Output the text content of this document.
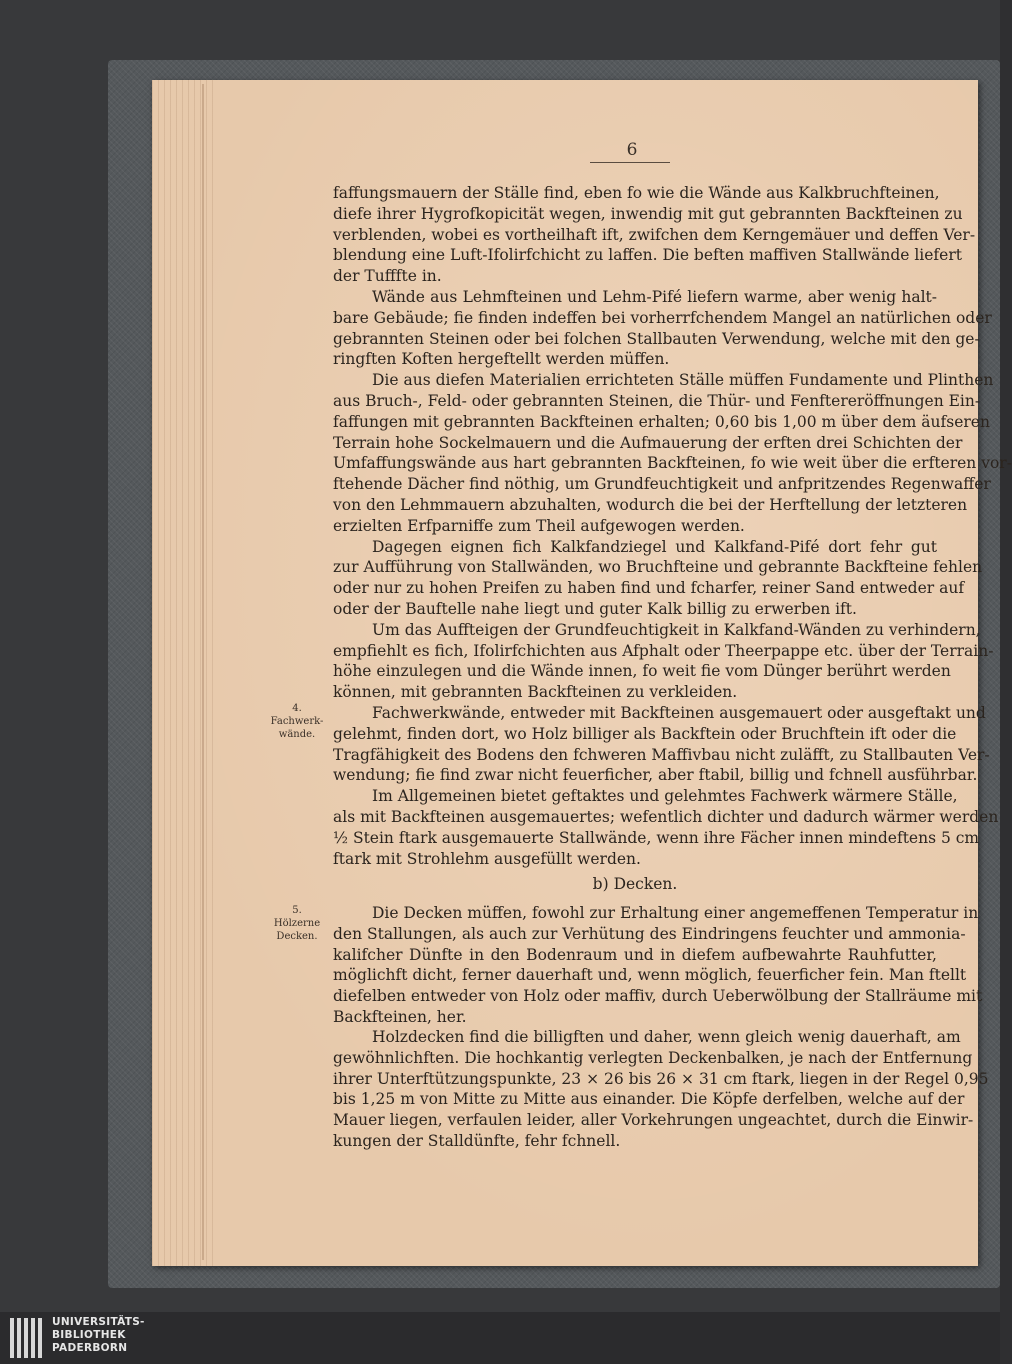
6
faffungsmauern der Ställe find, eben fo wie die Wände aus Kalkbruchfteinen,
diefe ihrer Hygrofkopicität wegen, inwendig mit gut gebrannten Backfteinen zu
verblenden, wobei es vortheilhaft ift, zwifchen dem Kerngemäuer und deffen Ver-
blendung eine Luft-Ifolirfchicht zu laffen. Die beften maffiven Stallwände liefert
der Tufffte in.
Wände aus Lehmfteinen und Lehm-Pifé liefern warme, aber wenig halt-
bare Gebäude; fie finden indeffen bei vorherrfchendem Mangel an natürlichen oder
gebrannten Steinen oder bei folchen Stallbauten Verwendung, welche mit den ge-
ringften Koften hergeftellt werden müffen.
Die aus diefen Materialien errichteten Ställe müffen Fundamente und Plinthen
aus Bruch-, Feld- oder gebrannten Steinen, die Thür- und Fenftereröffnungen Ein-
faffungen mit gebrannten Backfteinen erhalten; 0,60 bis 1,00 m über dem äufseren
Terrain hohe Sockelmauern und die Aufmauerung der erften drei Schichten der
Umfaffungswände aus hart gebrannten Backfteinen, fo wie weit über die erfteren vor-
ftehende Dächer find nöthig, um Grundfeuchtigkeit und anfpritzendes Regenwaffer
von den Lehmmauern abzuhalten, wodurch die bei der Herftellung der letzteren
erzielten Erfparniffe zum Theil aufgewogen werden.
Dagegen eignen fich Kalkfandziegel und Kalkfand-Pifé dort fehr gut
zur Aufführung von Stallwänden, wo Bruchfteine und gebrannte Backfteine fehlen
oder nur zu hohen Preifen zu haben find und fcharfer, reiner Sand entweder auf
oder der Bauftelle nahe liegt und guter Kalk billig zu erwerben ift.
Um das Auffteigen der Grundfeuchtigkeit in Kalkfand-Wänden zu verhindern,
empfiehlt es fich, Ifolirfchichten aus Afphalt oder Theerpappe etc. über der Terrain-
höhe einzulegen und die Wände innen, fo weit fie vom Dünger berührt werden
können, mit gebrannten Backfteinen zu verkleiden.
Fachwerkwände, entweder mit Backfteinen ausgemauert oder ausgeftakt und
gelehmt, finden dort, wo Holz billiger als Backftein oder Bruchftein ift oder die
Tragfähigkeit des Bodens den fchweren Maffivbau nicht zuläfft, zu Stallbauten Ver-
wendung; fie find zwar nicht feuerficher, aber ftabil, billig und fchnell ausführbar.
Im Allgemeinen bietet geftaktes und gelehmtes Fachwerk wärmere Ställe,
als mit Backfteinen ausgemauertes; wefentlich dichter und dadurch wärmer werden
½ Stein ftark ausgemauerte Stallwände, wenn ihre Fächer innen mindeftens 5 cm
ftark mit Strohlehm ausgefüllt werden.
Die Decken müffen, fowohl zur Erhaltung einer angemeffenen Temperatur in
den Stallungen, als auch zur Verhütung des Eindringens feuchter und ammonia-
kalifcher Dünfte in den Bodenraum und in diefem aufbewahrte Rauhfutter,
möglichft dicht, ferner dauerhaft und, wenn möglich, feuerficher fein. Man ftellt
diefelben entweder von Holz oder maffiv, durch Ueberwölbung der Stallräume mit
Backfteinen, her.
Holzdecken find die billigften und daher, wenn gleich wenig dauerhaft, am
gewöhnlichften. Die hochkantig verlegten Deckenbalken, je nach der Entfernung
ihrer Unterftützungspunkte, 23 × 26 bis 26 × 31 cm ftark, liegen in der Regel 0,95
bis 1,25 m von Mitte zu Mitte aus einander. Die Köpfe derfelben, welche auf der
Mauer liegen, verfaulen leider, aller Vorkehrungen ungeachtet, durch die Einwir-
kungen der Stalldünfte, fehr fchnell.
b) Decken.
4.
Fachwerk-
wände.
5.
Hölzerne
Decken.
UNIVERSITÄTS-
BIBLIOTHEK
PADERBORN
